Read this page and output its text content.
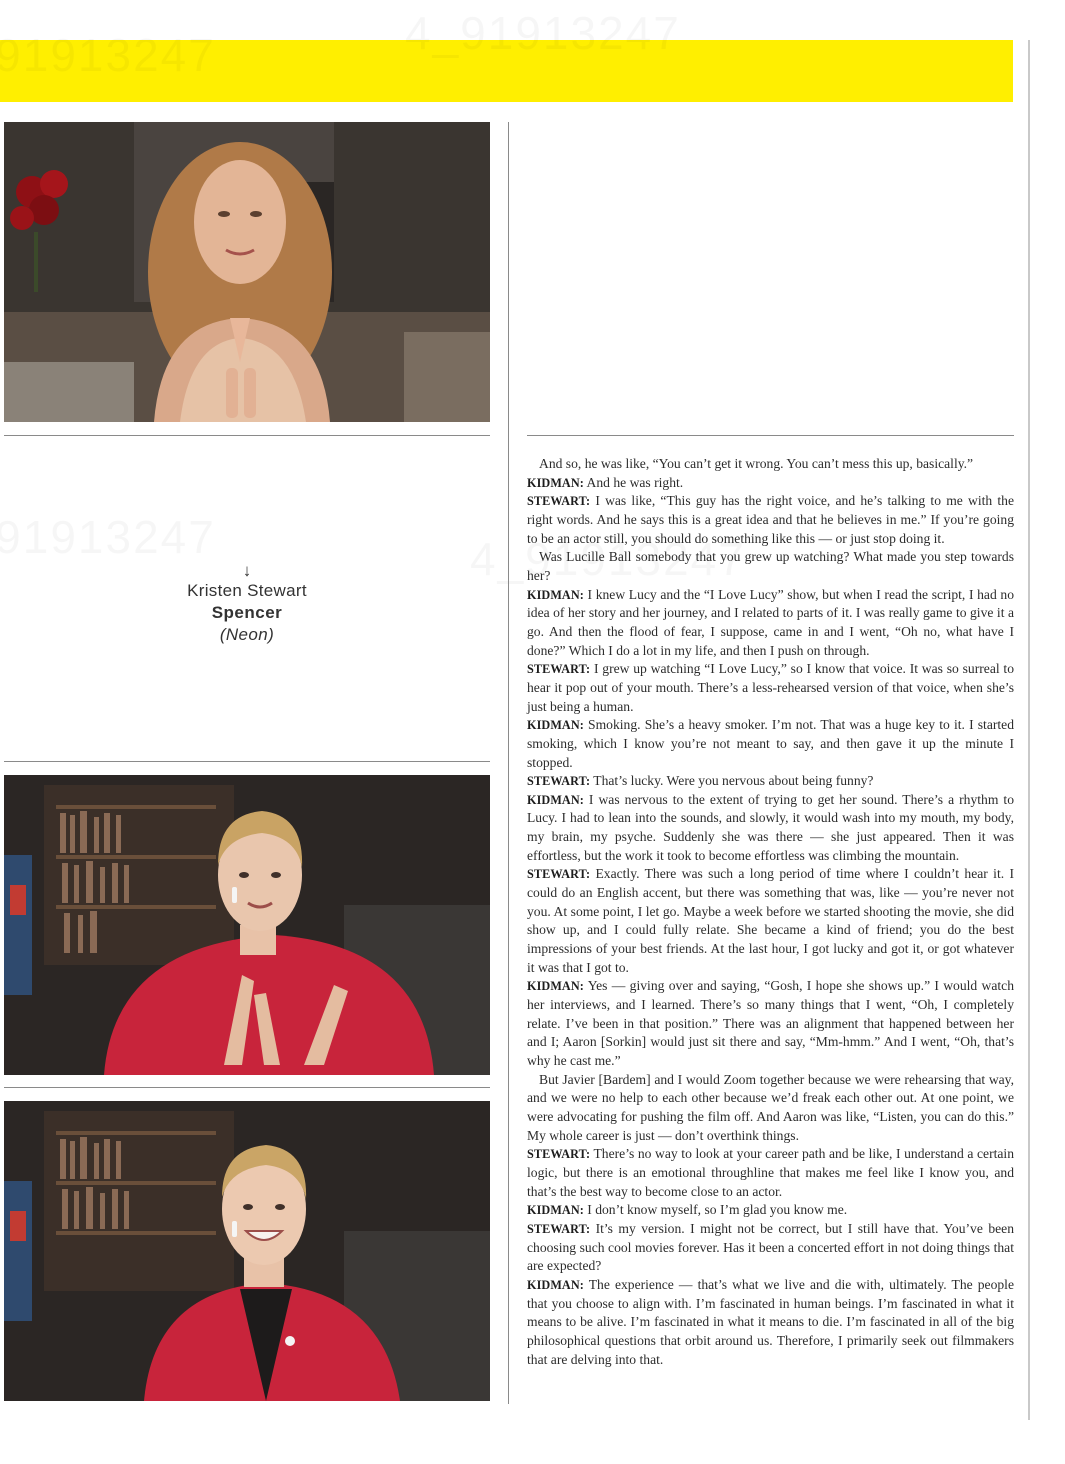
↓
Kristen Stewart
Spencer
(Neon)

And so, he was like, “You can’t get it wrong. You can’t mess this up, basically.”

KIDMAN: And he was right.

STEWART: I was like, “This guy has the right voice, and he’s talking to me with the right words. And he says this is a great idea and that he believes in me.” If you’re going to be an actor still, you should do something like this — or just stop doing it.

Was Lucille Ball somebody that you grew up watching? What made you step towards her?

KIDMAN: I knew Lucy and the “I Love Lucy” show, but when I read the script, I had no idea of her story and her journey, and I related to parts of it. I was really game to give it a go. And then the flood of fear, I suppose, came in and I went, “Oh no, what have I done?” Which I do a lot in my life, and then I push on through.

STEWART: I grew up watching “I Love Lucy,” so I know that voice. It was so surreal to hear it pop out of your mouth. There’s a less-rehearsed version of that voice, when she’s just being a human.

KIDMAN: Smoking. She’s a heavy smoker. I’m not. That was a huge key to it. I started smoking, which I know you’re not meant to say, and then gave it up the minute I stopped.

STEWART: That’s lucky. Were you nervous about being funny?

KIDMAN: I was nervous to the extent of trying to get her sound. There’s a rhythm to Lucy. I had to lean into the sounds, and slowly, it would wash into my mouth, my body, my brain, my psyche. Suddenly she was there — she just appeared. Then it was effortless, but the work it took to become effortless was climbing the mountain.

STEWART: Exactly. There was such a long period of time where I couldn’t hear it. I could do an English accent, but there was something that was, like — you’re never not you. At some point, I let go. Maybe a week before we started shooting the movie, she did show up, and I could fully relate. She became a kind of friend; you do the best impressions of your best friends. At the last hour, I got lucky and got it, or got whatever it was that I got to.

KIDMAN: Yes — giving over and saying, “Gosh, I hope she shows up.” I would watch her interviews, and I learned. There’s so many things that I went, “Oh, I completely relate. I’ve been in that position.” There was an alignment that happened between her and I; Aaron [Sorkin] would just sit there and say, “Mm-hmm.” And I went, “Oh, that’s why he cast me.”

But Javier [Bardem] and I would Zoom together because we were rehearsing that way, and we were no help to each other because we’d freak each other out. At one point, we were advocating for pushing the film off. And Aaron was like, “Listen, you can do this.” My whole career is just — don’t overthink things.

STEWART: There’s no way to look at your career path and be like, I understand a certain logic, but there is an emotional throughline that makes me feel like I know you, and that’s the best way to become close to an actor.

KIDMAN: I don’t know myself, so I’m glad you know me.

STEWART: It’s my version. I might not be correct, but I still have that. You’ve been choosing such cool movies forever. Has it been a concerted effort in not doing things that are expected?

KIDMAN: The experience — that’s what we live and die with, ultimately. The people that you choose to align with. I’m fascinated in human beings. I’m fascinated in what it means to be alive. I’m fascinated in what it means to die. I’m fascinated in all of the big philosophical questions that orbit around us. Therefore, I primarily seek out filmmakers that are delving into that.
